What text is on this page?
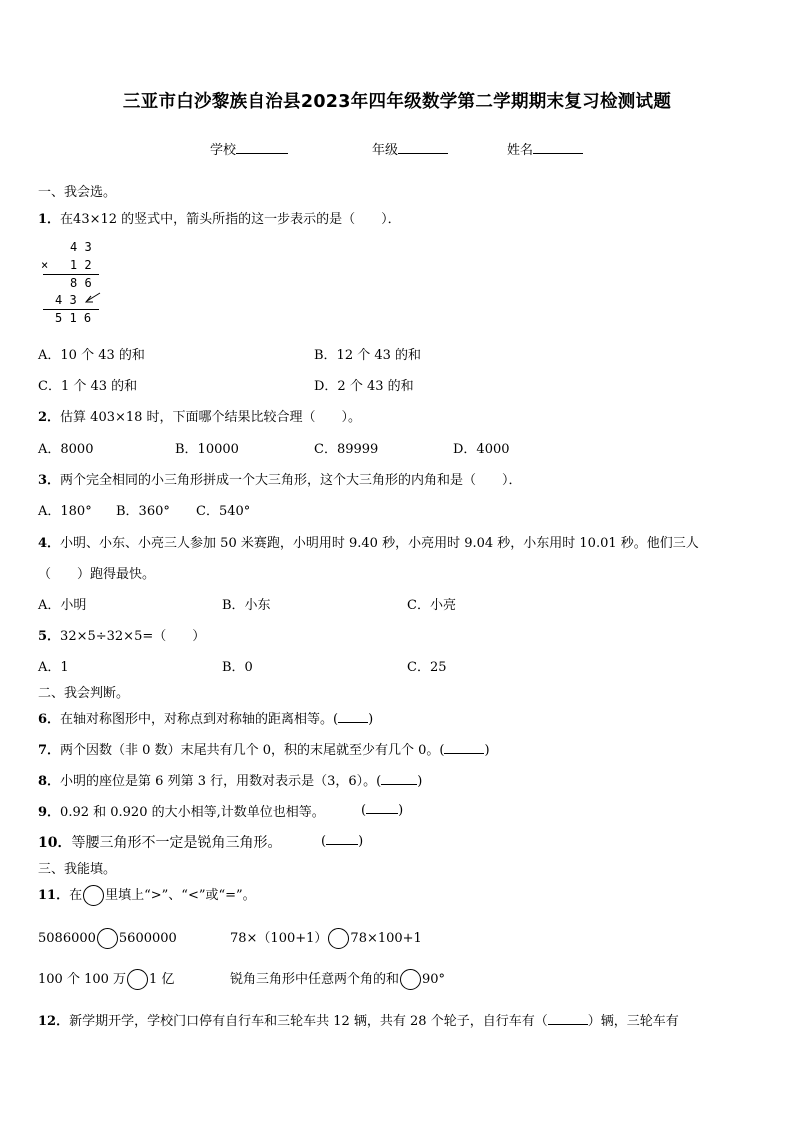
三亚市白沙黎族自治县2023年四年级数学第二学期期末复习检测试题
学校	年级	姓名
一、我会选。
1．在43×12 的竖式中，箭头所指的这一步表示的是（　　）．
4 3
×   1 2
8 6
4 3
5 1 6
A．10 个 43 的和	B．12 个 43 的和
C．1 个 43 的和	D．2 个 43 的和
2．估算 403×18 时，下面哪个结果比较合理（　　）。
A．8000	B．10000	C．89999	D．4000
3．两个完全相同的小三角形拼成一个大三角形，这个大三角形的内角和是（　　）．
A．180° B．360° C．540°
4．小明、小东、小亮三人参加 50 米赛跑，小明用时 9.40 秒，小亮用时 9.04 秒，小东用时 10.01 秒。他们三人
（　　）跑得最快。
A．小明	B．小东	C．小亮
5．32×5÷32×5=（　　）
A．1	B．0	C．25
二、我会判断。
6．在轴对称图形中，对称点到对称轴的距离相等。( )
7．两个因数（非 0 数）末尾共有几个 0，积的末尾就至少有几个 0。(	)
8．小明的座位是第 6 列第 3 行，用数对表示是（3，6）。(	)
9．0.92 和 0.920 的大小相等,计数单位也相等。	( )
10．等腰三角形不一定是锐角三角形。	( )
三、我能填。
11．在 里填上“>”、“<”或“=”。
5086000 5600000	78×（100+1） 78×100+1
100 个 100 万 1 亿	锐角三角形中任意两个角的和 90°
12．新学期开学，学校门口停有自行车和三轮车共 12 辆，共有 28 个轮子，自行车有（	）辆，三轮车有
